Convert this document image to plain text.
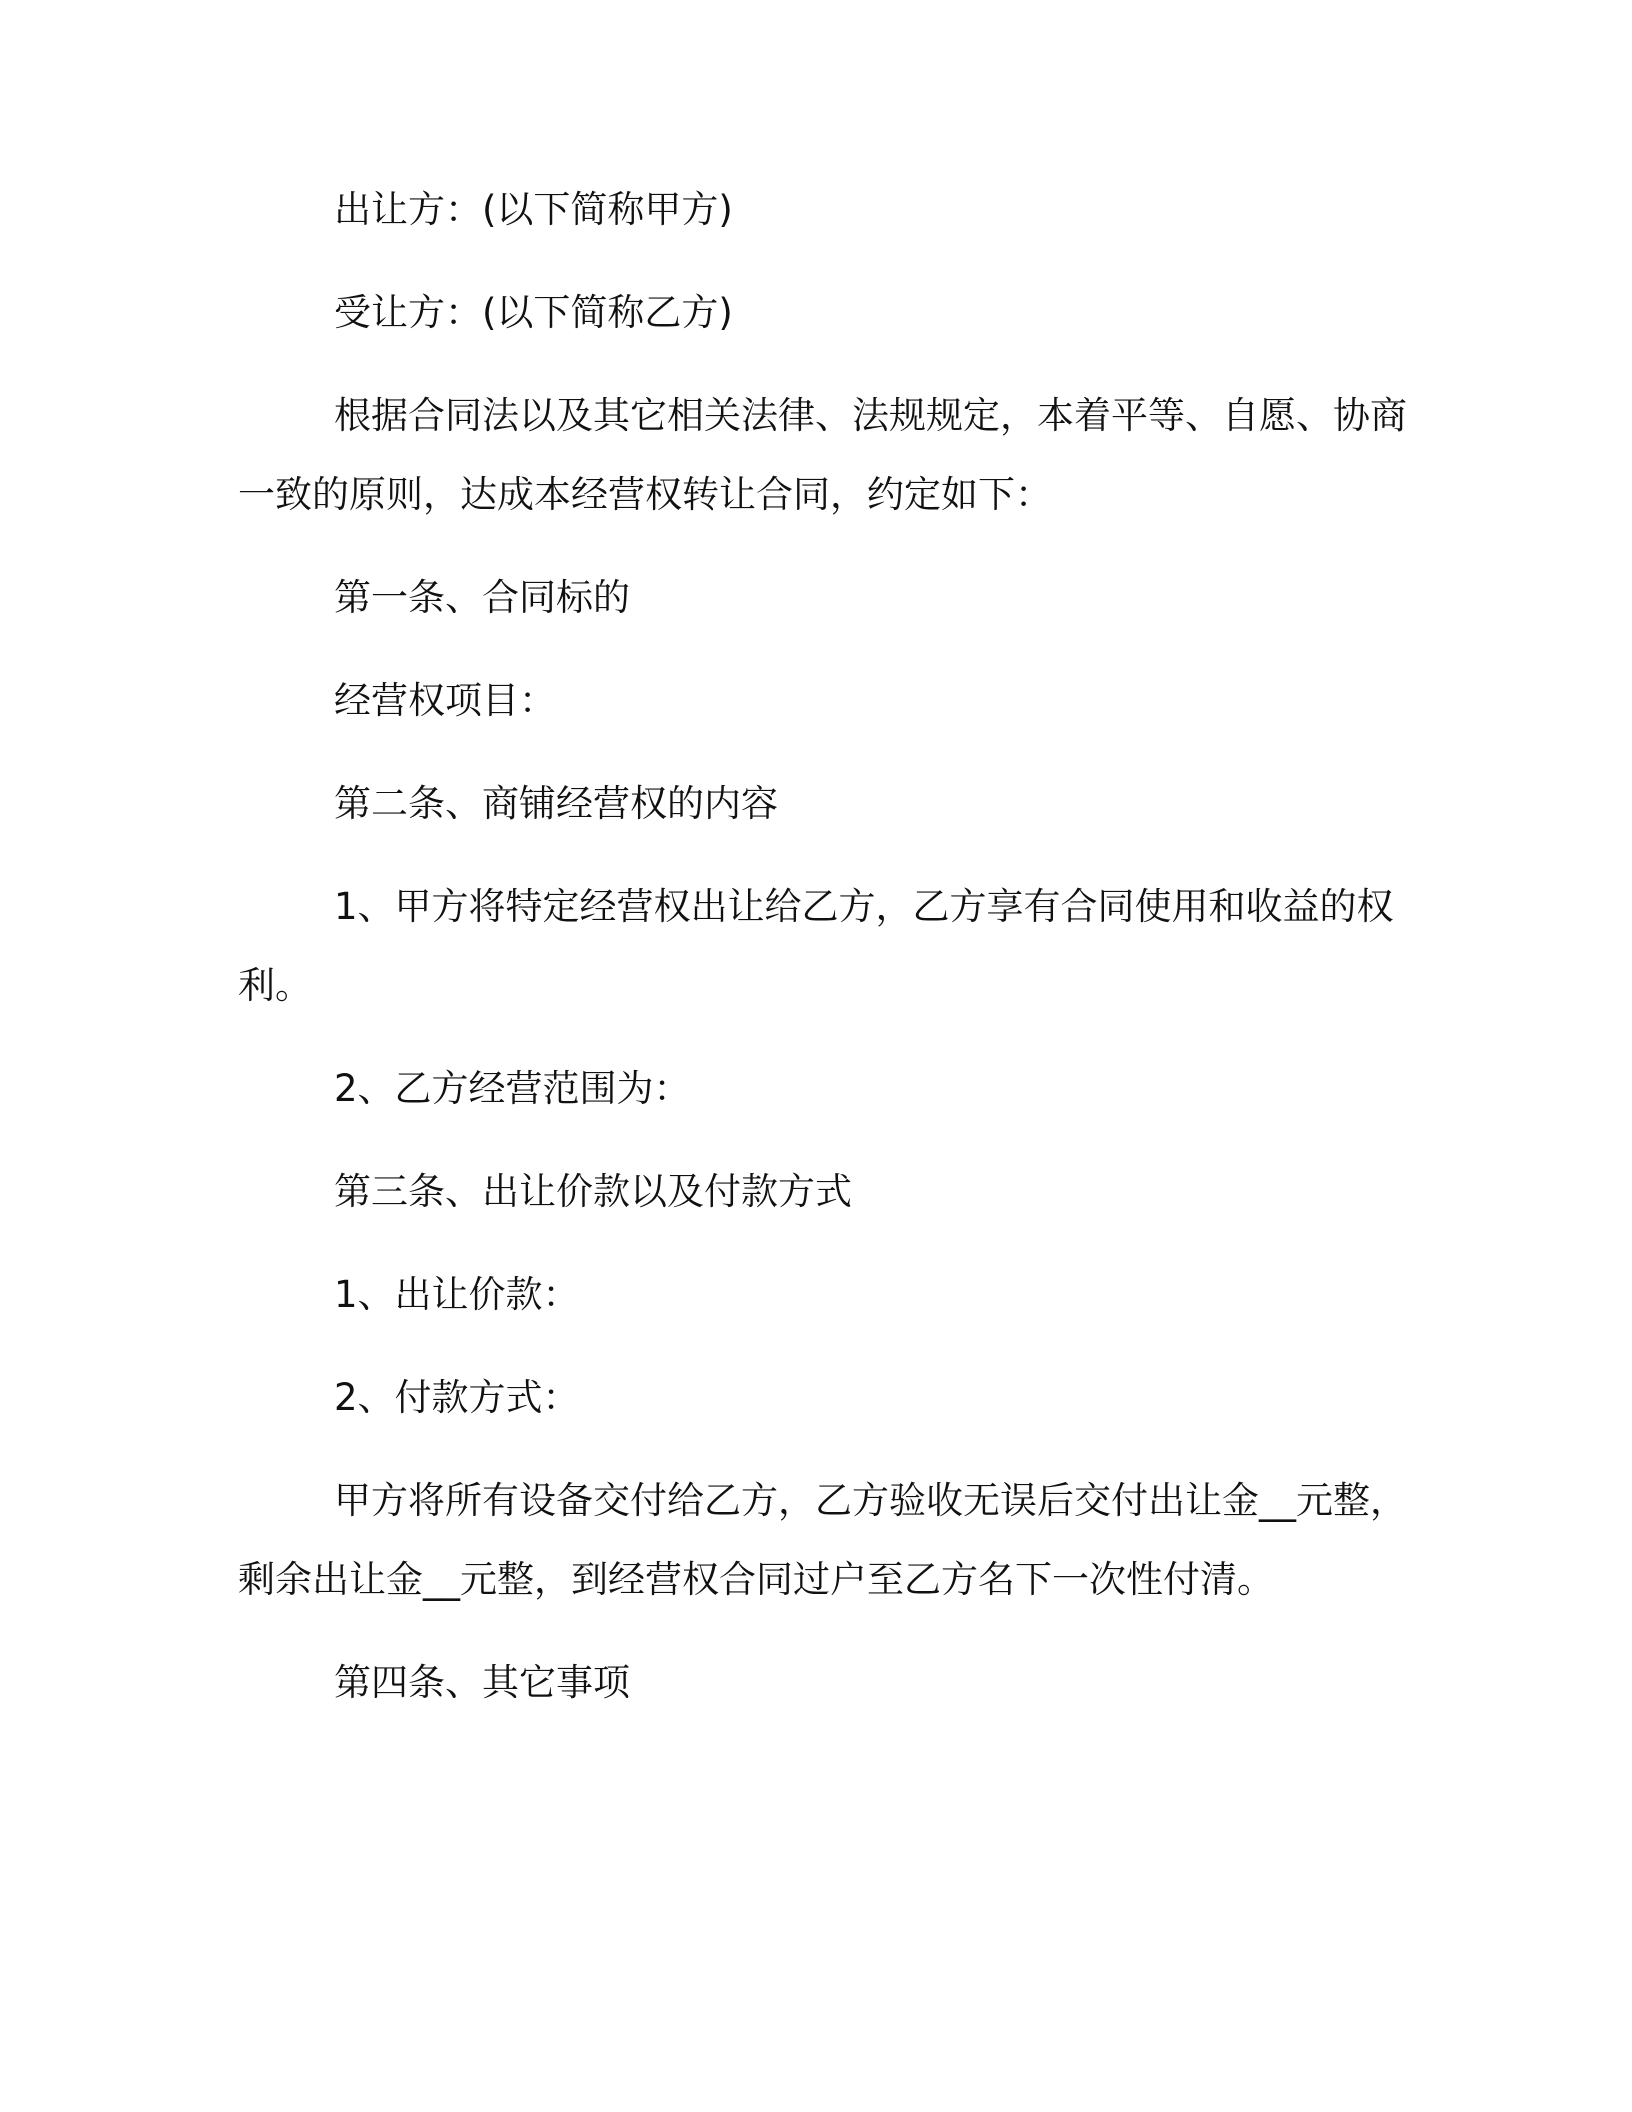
出让方：(以下简称甲方)

受让方：(以下简称乙方)

根据合同法以及其它相关法律、法规规定，本着平等、自愿、协商一致的原则，达成本经营权转让合同，约定如下：

第一条、合同标的

经营权项目：

第二条、商铺经营权的内容

1、甲方将特定经营权出让给乙方，乙方享有合同使用和收益的权利。

2、乙方经营范围为：

第三条、出让价款以及付款方式

1、出让价款：

2、付款方式：

甲方将所有设备交付给乙方，乙方验收无误后交付出让金__元整，剩余出让金__元整，到经营权合同过户至乙方名下一次性付清。

第四条、其它事项
